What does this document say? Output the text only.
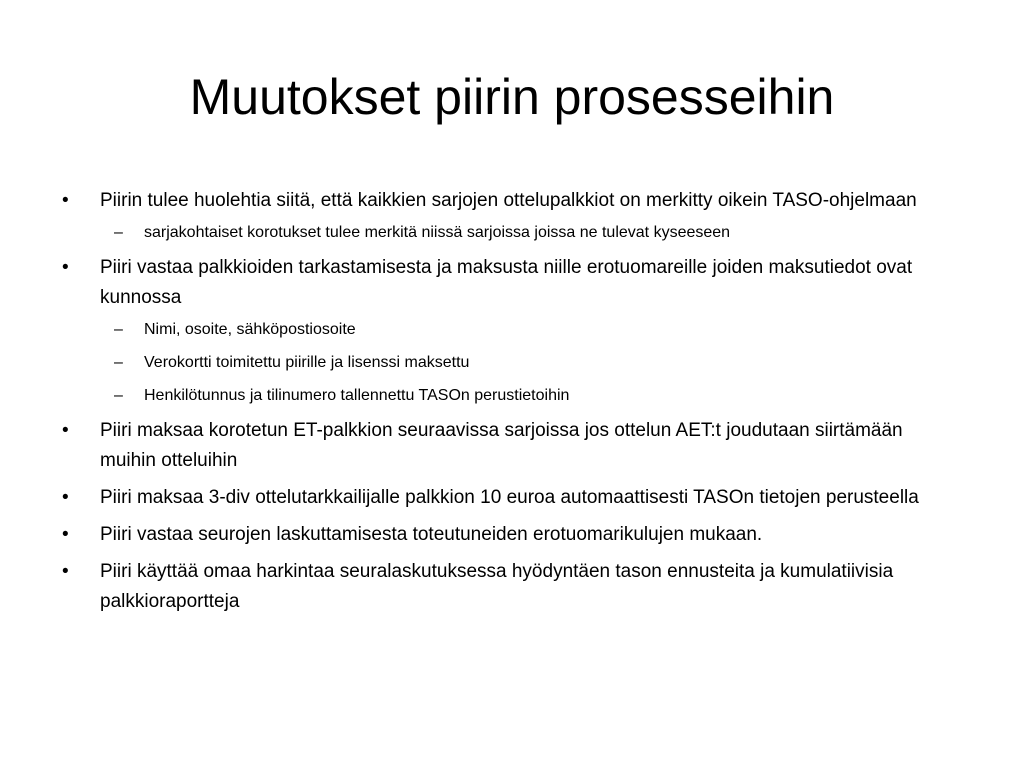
Muutokset piirin prosesseihin
•	Piirin tulee huolehtia siitä, että kaikkien sarjojen ottelupalkkiot on merkitty oikein TASO-ohjelmaan
–	sarjakohtaiset korotukset tulee merkitä niissä sarjoissa joissa ne tulevat kyseeseen
•	Piiri vastaa palkkioiden tarkastamisesta ja maksusta niille erotuomareille joiden maksutiedot ovat kunnossa
–	Nimi, osoite, sähköpostiosoite
–	Verokortti toimitettu piirille ja lisenssi maksettu
–	Henkilötunnus ja tilinumero tallennettu TASOn perustietoihin
•	Piiri maksaa korotetun ET-palkkion seuraavissa sarjoissa jos ottelun AET:t joudutaan siirtämään muihin otteluihin
•	Piiri maksaa 3-div ottelutarkkailijalle palkkion 10 euroa automaattisesti TASOn tietojen perusteella
•	Piiri vastaa seurojen laskuttamisesta toteutuneiden erotuomarikulujen mukaan.
•	Piiri käyttää omaa harkintaa seuralaskutuksessa hyödyntäen tason ennusteita ja kumulatiivisia palkkioraportteja
